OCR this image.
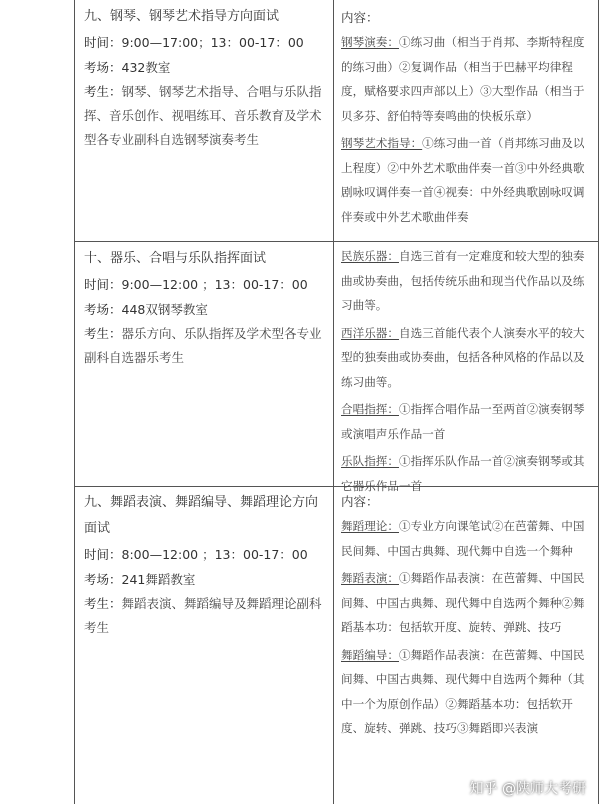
九、钢琴、钢琴艺术指导方向面试

时间：9:00—17:00；13：00-17：00

考场：432教室

考生：钢琴、钢琴艺术指导、合唱与乐队指挥、音乐创作、视唱练耳、音乐教育及学术型各专业副科自选钢琴演奏考生

内容：

钢琴演奏：①练习曲（相当于肖邦、李斯特程度的练习曲）②复调作品（相当于巴赫平均律程度，赋格要求四声部以上）③大型作品（相当于贝多芬、舒伯特等奏鸣曲的快板乐章）

钢琴艺术指导：①练习曲一首（肖邦练习曲及以上程度）②中外艺术歌曲伴奏一首③中外经典歌剧咏叹调伴奏一首④视奏：中外经典歌剧咏叹调伴奏或中外艺术歌曲伴奏

十、器乐、合唱与乐队指挥面试

时间：9:00—12:00 ；13：00-17：00

考场：448双钢琴教室

考生：器乐方向、乐队指挥及学术型各专业副科自选器乐考生

民族乐器：自选三首有一定难度和较大型的独奏曲或协奏曲，包括传统乐曲和现当代作品以及练习曲等。

西洋乐器：自选三首能代表个人演奏水平的较大型的独奏曲或协奏曲，包括各种风格的作品以及练习曲等。

合唱指挥：①指挥合唱作品一至两首②演奏钢琴或演唱声乐作品一首

乐队指挥：①指挥乐队作品一首②演奏钢琴或其它器乐作品一首

九、舞蹈表演、舞蹈编导、舞蹈理论方向面试

时间：8:00—12:00 ；13：00-17：00

考场：241舞蹈教室

考生：舞蹈表演、舞蹈编导及舞蹈理论副科考生

内容：

舞蹈理论：①专业方向课笔试②在芭蕾舞、中国民间舞、中国古典舞、现代舞中自选一个舞种

舞蹈表演：①舞蹈作品表演：在芭蕾舞、中国民间舞、中国古典舞、现代舞中自选两个舞种②舞蹈基本功：包括软开度、旋转、弹跳、技巧

舞蹈编导：①舞蹈作品表演：在芭蕾舞、中国民间舞、中国古典舞、现代舞中自选两个舞种（其中一个为原创作品）②舞蹈基本功：包括软开度、旋转、弹跳、技巧③舞蹈即兴表演

知乎 @陕师大考研
